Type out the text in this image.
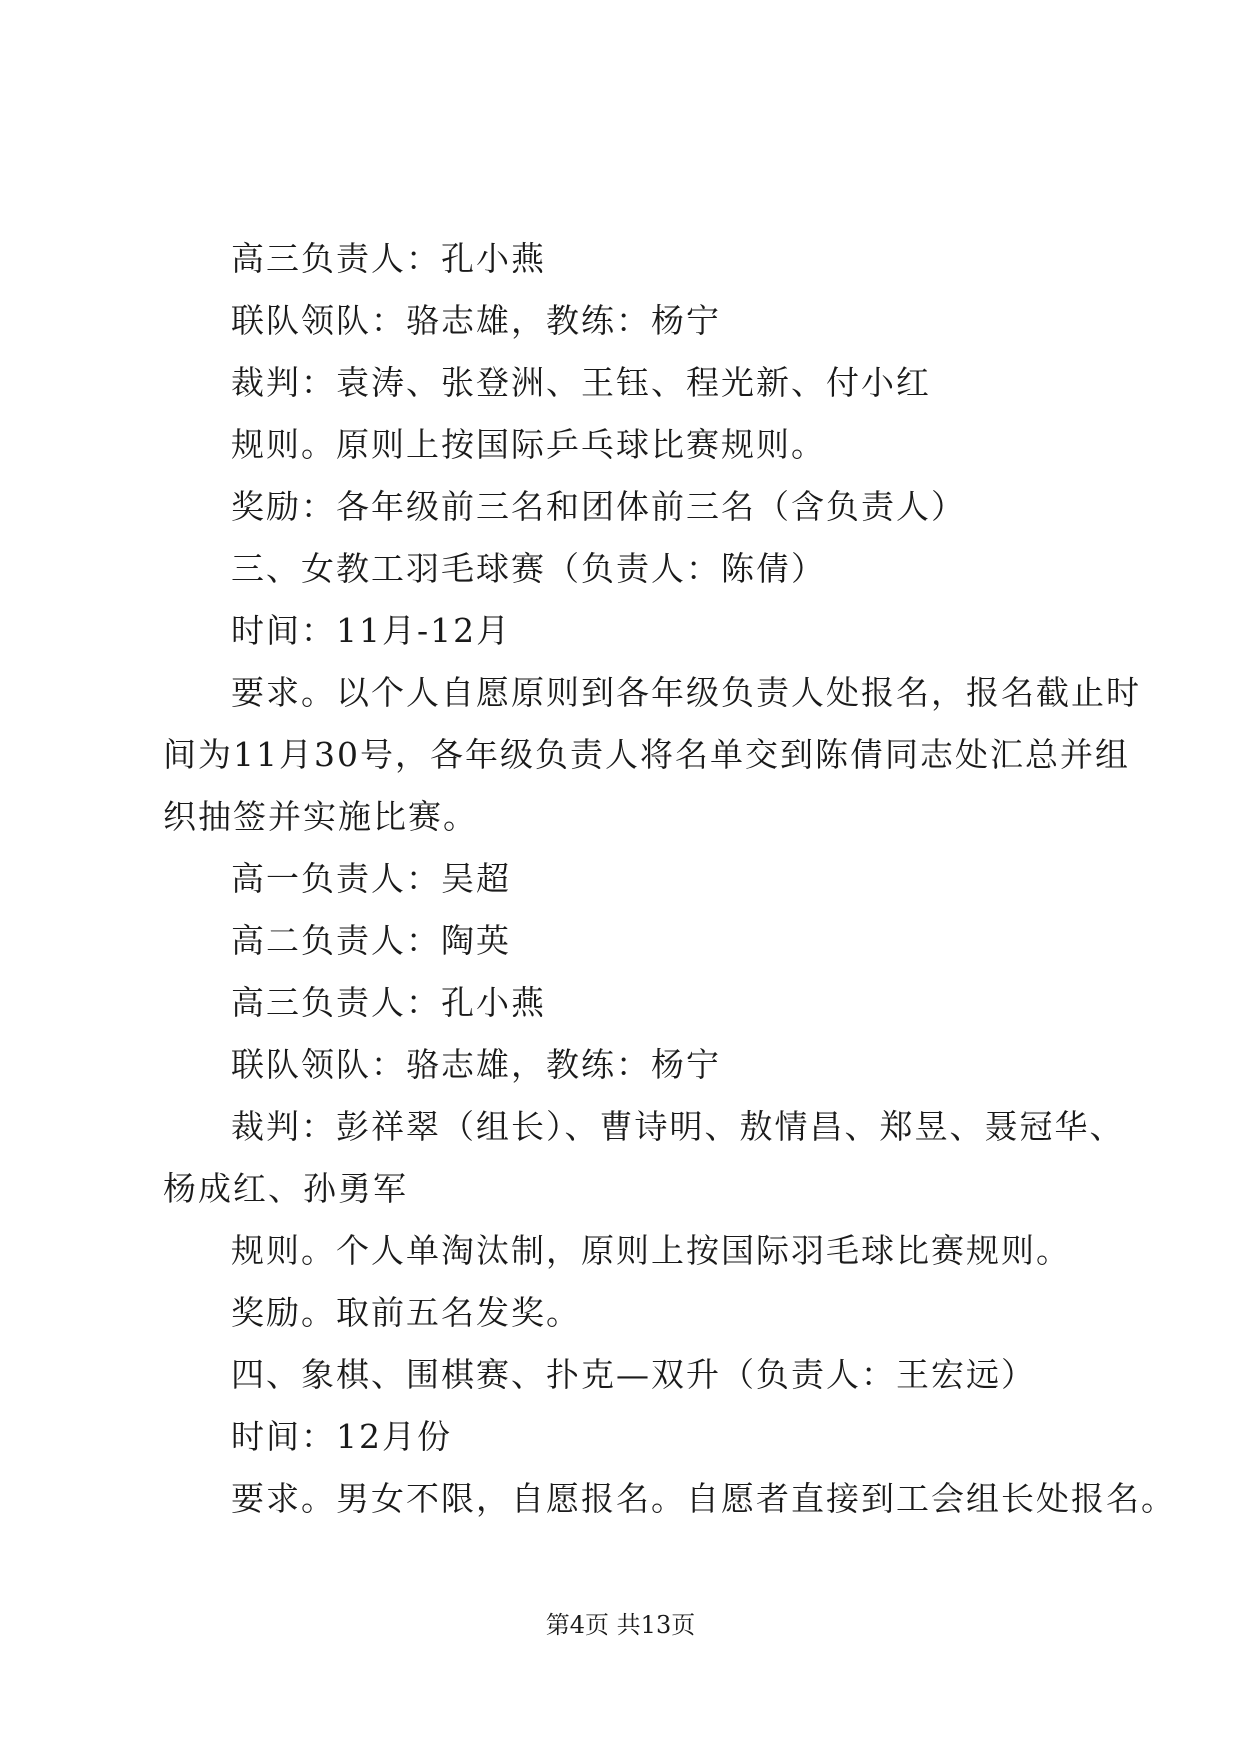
高三负责人：孔小燕
联队领队：骆志雄，教练：杨宁
裁判：袁涛、张登洲、王钰、程光新、付小红
规则。原则上按国际乒乓球比赛规则。
奖励：各年级前三名和团体前三名（含负责人）
三、女教工羽毛球赛（负责人：陈倩）
时间：11月-12月
要求。以个人自愿原则到各年级负责人处报名，报名截止时
间为11月30号，各年级负责人将名单交到陈倩同志处汇总并组
织抽签并实施比赛。
高一负责人：吴超
高二负责人：陶英
高三负责人：孔小燕
联队领队：骆志雄，教练：杨宁
裁判：彭祥翠（组长）、曹诗明、敖情昌、郑昱、聂冠华、
杨成红、孙勇军
规则。个人单淘汰制，原则上按国际羽毛球比赛规则。
奖励。取前五名发奖。
四、象棋、围棋赛、扑克—双升（负责人：王宏远）
时间：12月份
要求。男女不限，自愿报名。自愿者直接到工会组长处报名。
第4页 共13页
